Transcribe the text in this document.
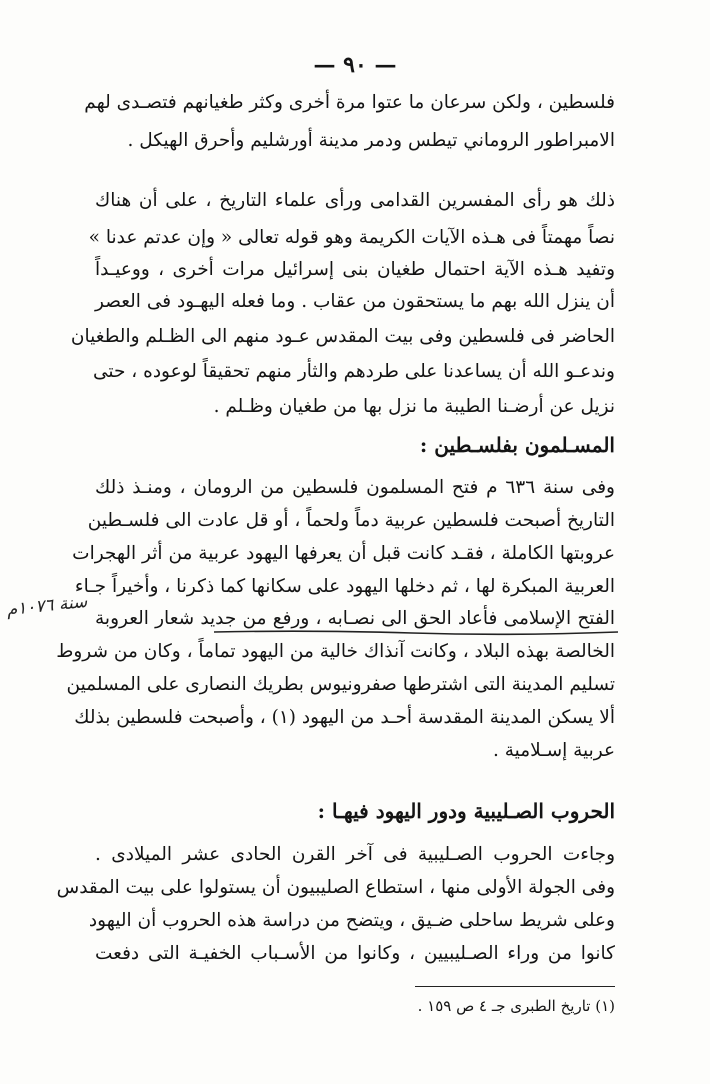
— ٩٠ —
فلسطين ، ولكن سرعان ما عتوا مرة أخرى وكثر طغيانهم فتصـدى لهم
الامبراطور الروماني تيطس ودمر مدينة أورشليم وأحرق الهيكل .
ذلك هو رأى المفسرين القدامى ورأى علماء التاريخ ، على أن هناك
نصاً مهمتاً فى هـذه الآيات الكريمة وهو قوله تعالى « وإن عدتم عدنا »
وتفيد هـذه الآية احتمال طغيان بنى إسرائيل مرات أخرى ، ووعيـداً
أن ينزل الله بهم ما يستحقون من عقاب . وما فعله اليهـود فى العصر
الحاضر فى فلسطين وفى بيت المقدس عـود منهم الى الظـلم والطغيان
وندعـو الله أن يساعدنا على طردهم والثأر منهم تحقيقاً لوعوده ، حتى
نزيل عن أرضـنا الطيبة ما نزل بها من طغيان وظـلم .
المسـلمون بفلسـطين :
وفى سنة ٦٣٦ م فتح المسلمون فلسطين من الرومان ، ومنـذ ذلك
التاريخ أصبحت فلسطين عربية دماً ولحماً ، أو قل عادت الى فلسـطين
عروبتها الكاملة ، فقـد كانت قبل أن يعرفها اليهود عربية من أثر الهجرات
العربية المبكرة لها ، ثم دخلها اليهود على سكانها كما ذكرنا ، وأخيراً جـاء
الفتح الإسلامى فأعاد الحق الى نصـابه ، ورفع من جديد شعار العروبة
الخالصة بهذه البلاد ، وكانت آنذاك خالية من اليهود تماماً ، وكان من شروط
تسليم المدينة التى اشترطها صفرونيوس بطريك النصارى على المسلمين
ألا يسكن المدينة المقدسة أحـد من اليهود (١) ، وأصبحت فلسطين بذلك
عربية إسـلامية .
سنة ١٠٧٦م
الحروب الصـليبية ودور اليهود فيهـا :
وجاءت الحروب الصـليبية فى آخر القرن الحادى عشر الميلادى .
وفى الجولة الأولى منها ، استطاع الصليبيون أن يستولوا على بيت المقدس
وعلى شريط ساحلى ضـيق ، ويتضح من دراسة هذه الحروب أن اليهود
كانوا من وراء الصـليبيين ، وكانوا من الأسـباب الخفيـة التى دفعت
(١) تاريخ الطبرى جـ ٤ ص ١٥٩ .
